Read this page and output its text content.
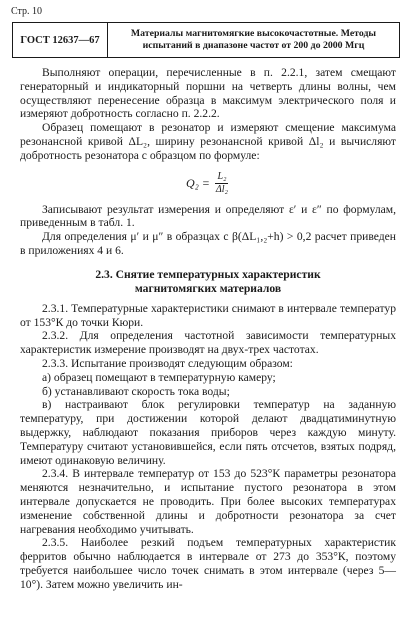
Стр. 10
ГОСТ 12637—67
Материалы магнитомягкие высокочастотные. Методы
испытаний в диапазоне частот от 200 до 2000 Мгц

Выполняют операции, перечисленные в п. 2.2.1, затем смещают генераторный и индикаторный поршни на четверть длины волны, чем осуществляют перенесение образца в максимум электрического поля и измеряют добротность согласно п. 2.2.2.

Образец помещают в резонатор и измеряют смещение максимума резонансной кривой ΔL₂, ширину резонансной кривой Δl₂ и вычисляют добротность резонатора с образцом по формуле:

$Q_2 = \frac{\text{L₂}}{\text{Δl₂}}$

Записывают результат измерения и определяют ε′ и ε″ по формулам, приведенным в табл. 1.

Для определения μ′ и μ″ в образцах с β(ΔL₁,₂+h) > 0,2 расчет приведен в приложениях 4 и 6.

2.3. Снятие температурных характеристик
магнитомягких материалов

2.3.1. Температурные характеристики снимают в интервале температур от 153°К до точки Кюри.

2.3.2. Для определения частотной зависимости температурных характеристик измерение производят на двух-трех частотах.

2.3.3. Испытание производят следующим образом:

а) образец помещают в температурную камеру;

б) устанавливают скорость тока воды;

в) настраивают блок регулировки температур на заданную температуру, при достижении которой делают двадцатиминутную выдержку, наблюдают показания приборов через каждую минуту. Температуру считают установившейся, если пять отсчетов, взятых подряд, имеют одинаковую величину.

2.3.4. В интервале температур от 153 до 523°К параметры резонатора меняются незначительно, и испытание пустого резонатора в этом интервале допускается не проводить. При более высоких температурах изменение собственной длины и добротности резонатора за счет нагревания необходимо учитывать.

2.3.5. Наиболее резкий подъем температурных характеристик ферритов обычно наблюдается в интервале от 273 до 353°К, поэтому требуется наибольшее число точек снимать в этом интервале (через 5—10°). Затем можно увеличить ин-
